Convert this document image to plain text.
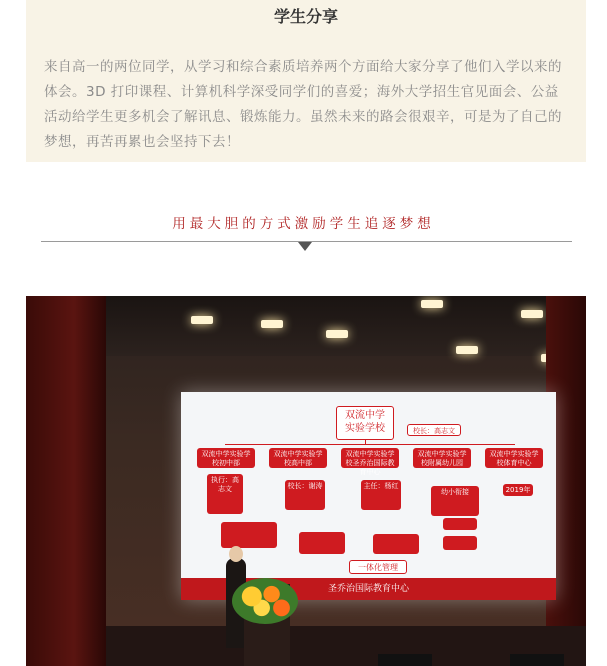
学生分享
来自高一的两位同学，从学习和综合素质培养两个方面给大家分享了他们入学以来的体会。3D 打印课程、计算机科学深受同学们的喜爱；海外大学招生官见面会、公益活动给学生更多机会了解讯息、锻炼能力。虽然未来的路会很艰辛，可是为了自己的梦想，再苦再累也会坚持下去！
用最大胆的方式激励学生追逐梦想
双流中学
实验学校	校长：高志文
双流中学实验学校初中部
双流中学实验学校高中部
双流中学实验学校圣乔治国际教育中心
双流中学实验学校附属幼儿园
双流中学实验学校体育中心
执行：高志文	校长：谢涛	主任：杨红
幼小衔接	2019年
一体化管理
圣乔治国际教育中心
